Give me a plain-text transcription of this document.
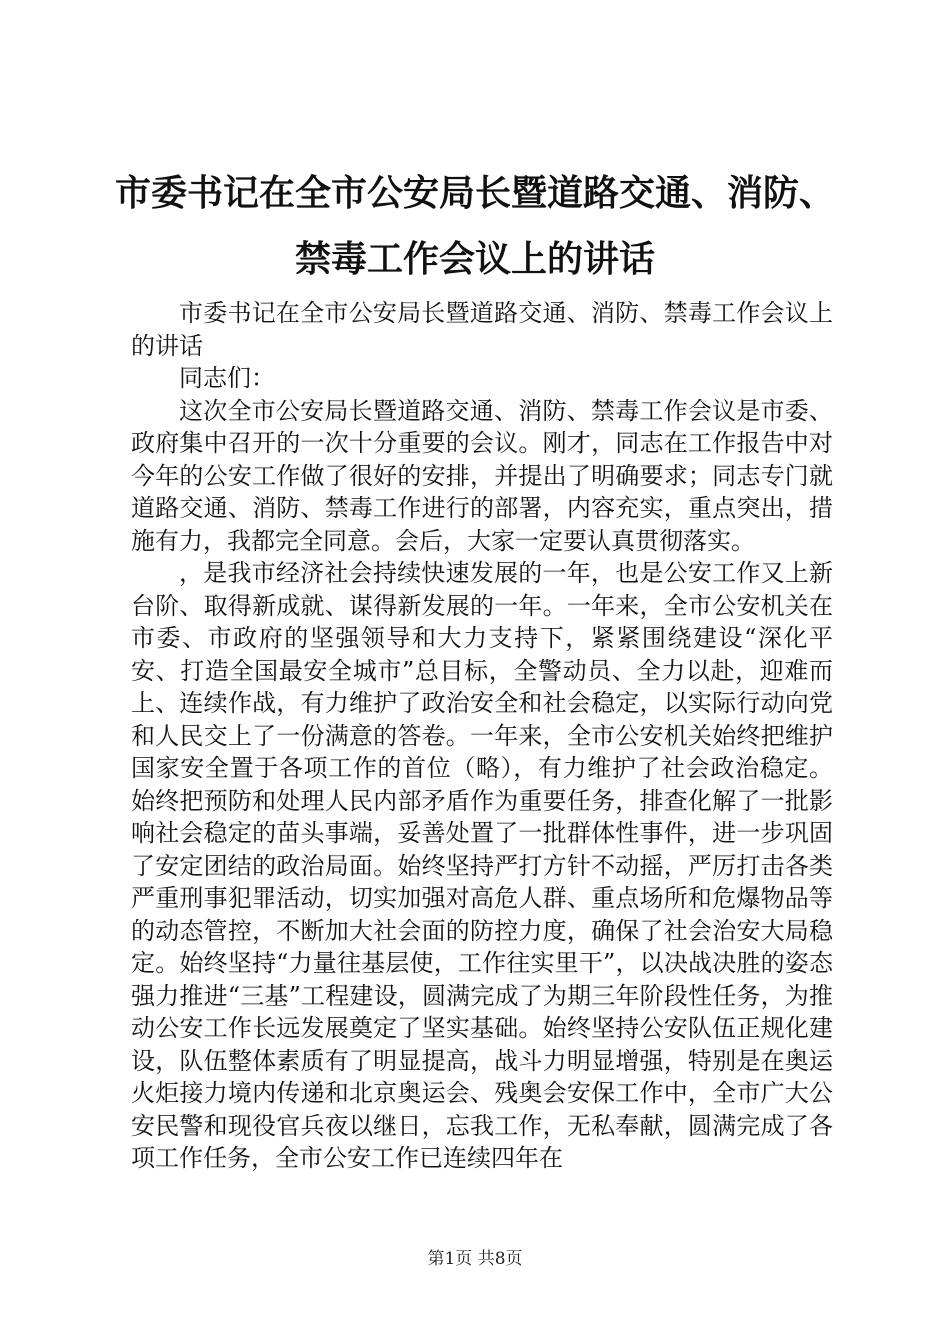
市委书记在全市公安局长暨道路交通、消防、
禁毒工作会议上的讲话

市委书记在全市公安局长暨道路交通、消防、禁毒工作会议上的讲话

同志们：

这次全市公安局长暨道路交通、消防、禁毒工作会议是市委、政府集中召开的一次十分重要的会议。刚才，同志在工作报告中对今年的公安工作做了很好的安排，并提出了明确要求；同志专门就道路交通、消防、禁毒工作进行的部署，内容充实，重点突出，措施有力，我都完全同意。会后，大家一定要认真贯彻落实。

，是我市经济社会持续快速发展的一年，也是公安工作又上新台阶、取得新成就、谋得新发展的一年。一年来，全市公安机关在市委、市政府的坚强领导和大力支持下，紧紧围绕建设“深化平安、打造全国最安全城市”总目标，全警动员、全力以赴，迎难而上、连续作战，有力维护了政治安全和社会稳定，以实际行动向党和人民交上了一份满意的答卷。一年来，全市公安机关始终把维护国家安全置于各项工作的首位（略），有力维护了社会政治稳定。始终把预防和处理人民内部矛盾作为重要任务，排查化解了一批影响社会稳定的苗头事端，妥善处置了一批群体性事件，进一步巩固了安定团结的政治局面。始终坚持严打方针不动摇，严厉打击各类严重刑事犯罪活动，切实加强对高危人群、重点场所和危爆物品等的动态管控，不断加大社会面的防控力度，确保了社会治安大局稳定。始终坚持“力量往基层使，工作往实里干”，以决战决胜的姿态强力推进“三基”工程建设，圆满完成了为期三年阶段性任务，为推动公安工作长远发展奠定了坚实基础。始终坚持公安队伍正规化建设，队伍整体素质有了明显提高，战斗力明显增强，特别是在奥运火炬接力境内传递和北京奥运会、残奥会安保工作中，全市广大公安民警和现役官兵夜以继日，忘我工作，无私奉献，圆满完成了各项工作任务，全市公安工作已连续四年在

第1页 共8页
